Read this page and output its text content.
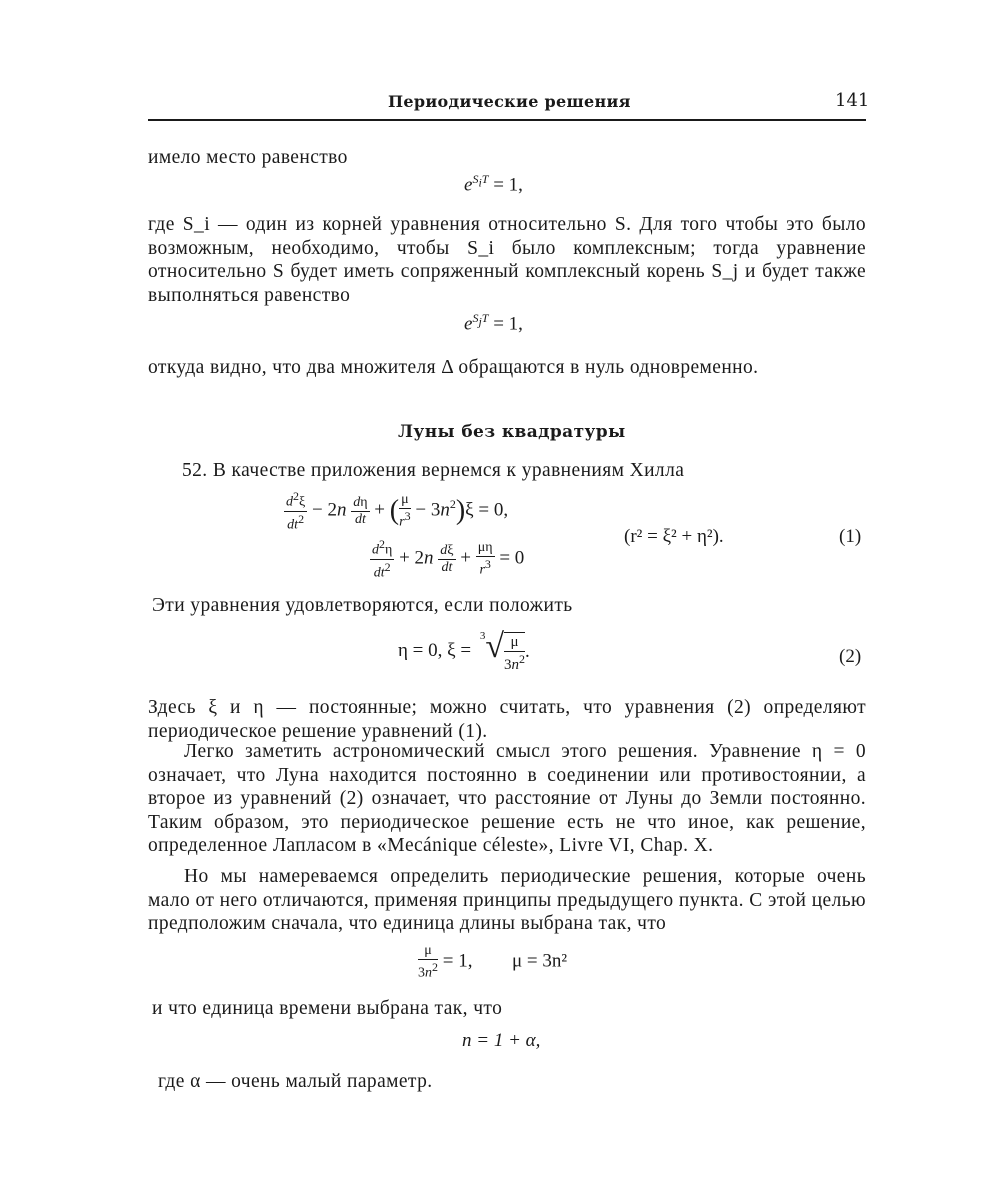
Периодические решения	141
имело место равенство
$e^{S_iT} = 1$,
где S_i — один из корней уравнения относительно S. Для того чтобы это было возможным, необходимо, чтобы S_i было комплексным; тогда уравнение относительно S будет иметь сопряженный комплексный корень S_j и будет также выполняться равенство
$e^{S_jT} = 1$,
откуда видно, что два множителя Δ обращаются в нуль одновременно.
Луны без квадратуры
52. В качестве приложения вернемся к уравнениям Хилла
$\frac{d^2\xi}{dt^2} - 2n \frac{d\eta}{dt}$ + ( $\frac{\mu}{r^3} - 3n^2)\xi = 0$,
$\frac{d^2\eta}{dt^2} + 2n \frac{d\xi}{dt} + \frac{\mu\eta}{r^3} = 0$
(r² = ξ² + η²).	(1)
Эти уравнения удовлетворяются, если положить
η = 0, $\xi = ^3√ \frac{\mu}{3n^2}$ .	(2)
Здесь ξ и η — постоянные; можно считать, что уравнения (2) определяют периодическое решение уравнений (1).
Легко заметить астрономический смысл этого решения. Уравнение η = 0 означает, что Луна находится постоянно в соединении или противостоянии, а второе из уравнений (2) означает, что расстояние от Луны до Земли постоянно. Таким образом, это периодическое решение есть не что иное, как решение, определенное Лапласом в «Mecánique céleste», Livre VI, Chap. X.
Но мы намереваемся определить периодические решения, которые очень мало от него отличаются, применяя принципы предыдущего пункта. С этой целью предположим сначала, что единица длины выбрана так, что
$\frac{\mu}{3n^2} = 1$, μ = 3n²
и что единица времени выбрана так, что
n = 1 + α,
где α — очень малый параметр.
